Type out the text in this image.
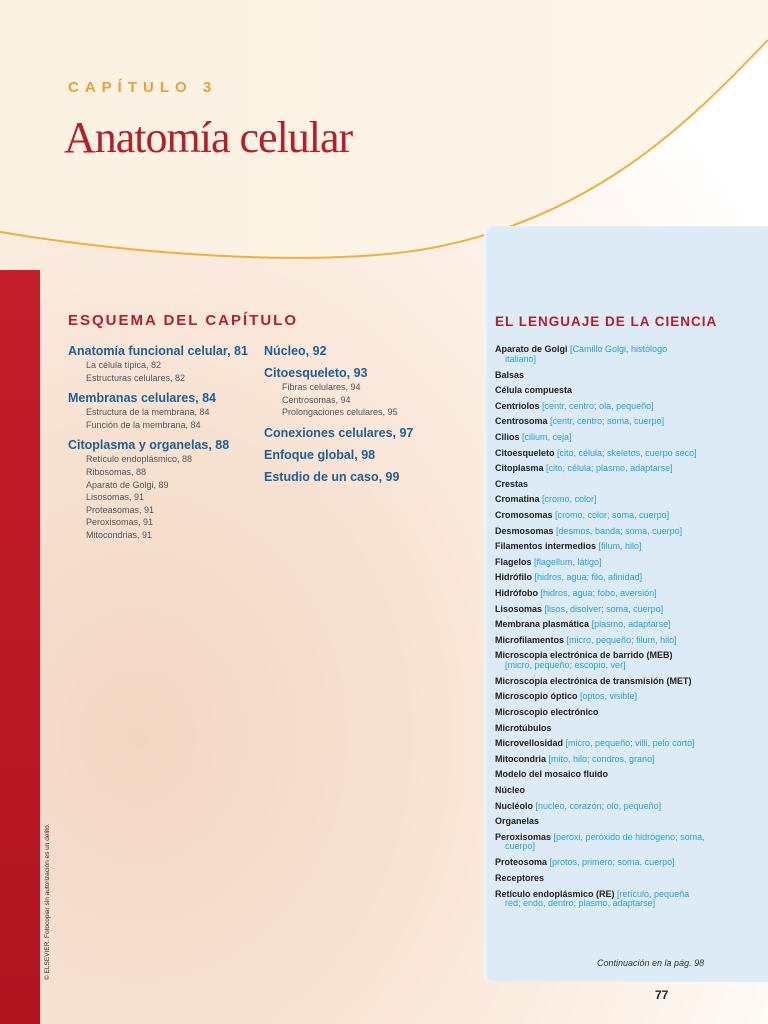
CAPÍTULO 3
Anatomía celular
ESQUEMA DEL CAPÍTULO
Anatomía funcional celular, 81
La célula típica, 82
Estructuras celulares, 82
Membranas celulares, 84
Estructura de la membrana, 84
Función de la membrana, 84
Citoplasma y organelas, 88
Retículo endoplásmico, 88
Ribosomas, 88
Aparato de Golgi, 89
Lisosomas, 91
Proteasomas, 91
Peroxisomas, 91
Mitocondrias, 91
Núcleo, 92
Citoesqueleto, 93
Fibras celulares, 94
Centrosomas, 94
Prolongaciones celulares, 95
Conexiones celulares, 97
Enfoque global, 98
Estudio de un caso, 99
EL LENGUAJE DE LA CIENCIA
Aparato de Golgi [Camillo Golgi, histólogo
italiano]
Balsas
Célula compuesta
Centriolos [centr, centro; ola, pequeño]
Centrosoma [centr, centro; soma, cuerpo]
Cilios [cilium, ceja]
Citoesqueleto [cito, célula; skeletos, cuerpo seco]
Citoplasma [cito, célula; plasmo, adaptarse]
Crestas
Cromatina [cromo, color]
Cromosomas [cromo, color; soma, cuerpo]
Desmosomas [desmos, banda; soma, cuerpo]
Filamentos intermedios [filum, hilo]
Flagelos [flagellum, látigo]
Hidrófilo [hidros, agua; filo, afinidad]
Hidrófobo [hidros, agua; fobo, aversión]
Lisosomas [lisos, disolver; soma, cuerpo]
Membrana plasmática [plasmo, adaptarse]
Microfilamentos [micro, pequeño; filum, hilo]
Microscopia electrónica de barrido (MEB)
[micro, pequeño; escopio, ver]
Microscopia electrónica de transmisión (MET)
Microscopio óptico [optos, visible]
Microscopio electrónico
Microtúbulos
Microvellosidad [micro, pequeño; villi, pelo corto]
Mitocondria [mito, hilo; condros, grano]
Modelo del mosaico fluido
Núcleo
Nucléolo [nucleo, corazón; olo, pequeño]
Organelas
Peroxisomas [peroxi, peróxido de hidrógeno; soma,
cuerpo]
Proteosoma [protos, primero; soma, cuerpo]
Receptores
Retículo endoplásmico (RE) [retículo, pequeña
red; endo, dentro; plasmo, adaptarse]
Continuación en la pág. 98
77
© ELSEVIER. Fotocopiar sin autorización es un delito.
